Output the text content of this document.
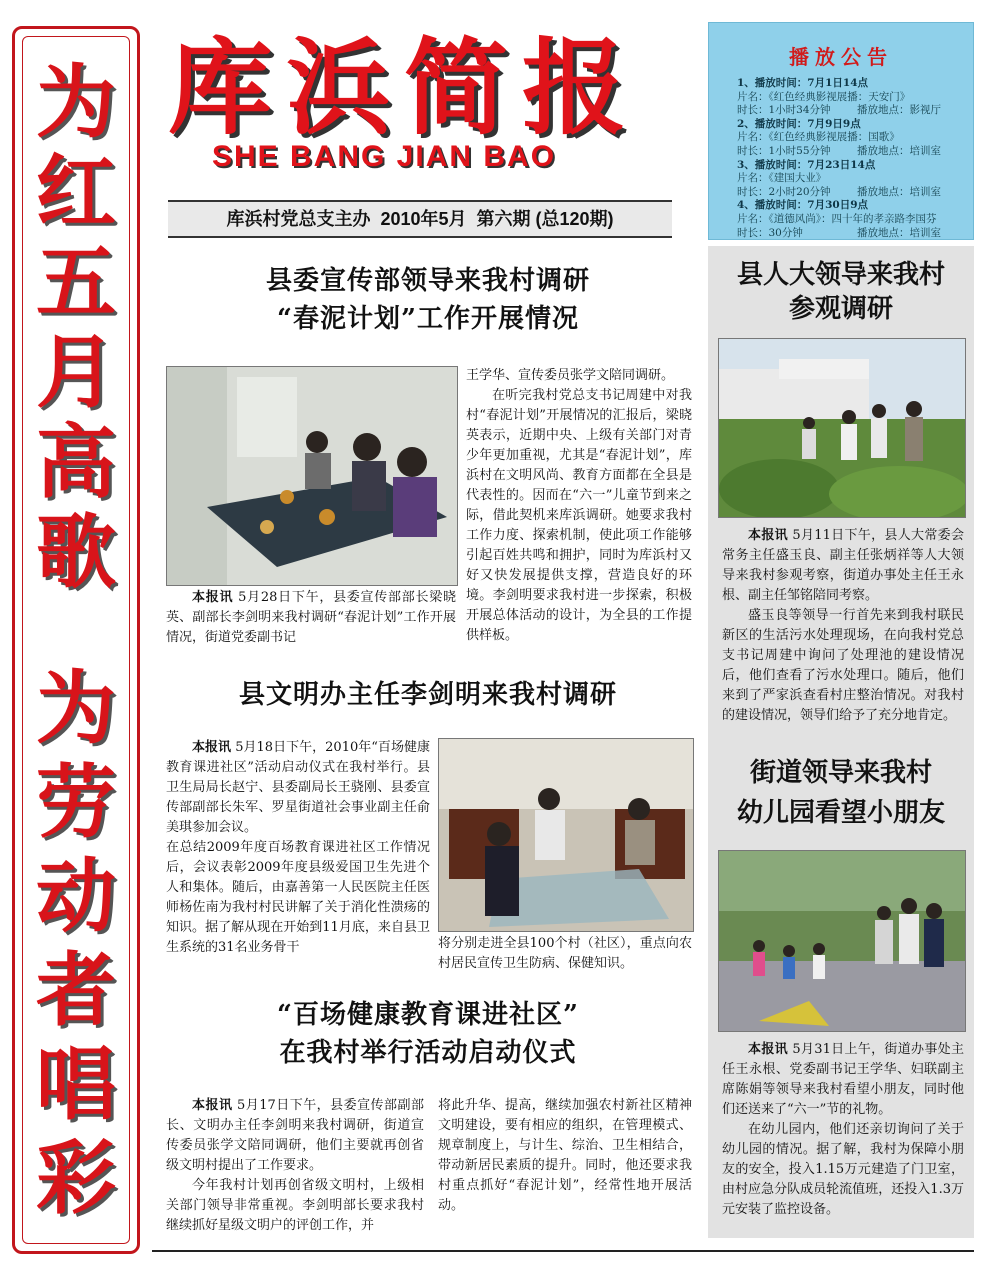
为
红
五
月
高
歌
为
劳
动
者
唱
彩
库浜简报
SHE BANG JIAN BAO
库浜村党总支主办  2010年5月  第六期 (总120期)
播放公告
1、播放时间：7月1日14点
片名：《红色经典影视展播：天安门》
时长：1小时34分钟	播放地点：影视厅
2、播放时间：7月9日9点
片名：《红色经典影视展播：国歌》
时长：1小时55分钟	播放地点：培训室
3、播放时间：7月23日14点
片名：《建国大业》
时长：2小时20分钟	播放地点：培训室
4、播放时间：7月30日9点
片名：《道德风尚》：四十年的孝亲路李国芬
时长：30分钟	播放地点：培训室
县委宣传部领导来我村调研
“春泥计划”工作开展情况

本报讯 5月28日下午，县委宣传部部长梁晓英、副部长李剑明来我村调研“春泥计划”工作开展情况，街道党委副书记

王学华、宣传委员张学文陪同调研。

在听完我村党总支书记周建中对我村“春泥计划”开展情况的汇报后，梁晓英表示，近期中央、上级有关部门对青少年更加重视，尤其是“春泥计划”，库浜村在文明风尚、教育方面都在全县是代表性的。因而在“六一”儿童节到来之际，借此契机来库浜调研。她要求我村工作力度、探索机制，使此项工作能够引起百姓共鸣和拥护，同时为库浜村又好又快发展提供支撑，营造良好的环境。李剑明要求我村进一步探索，积极开展总体活动的设计，为全县的工作提供样板。

县文明办主任李剑明来我村调研

本报讯 5月18日下午，2010年“百场健康教育课进社区”活动启动仪式在我村举行。县卫生局局长赵宁、县委副局长王骁刚、县委宣传部副部长朱军、罗星街道社会事业副主任俞美琪参加会议。

在总结2009年度百场教育课进社区工作情况后，会议表彰2009年度县级爱国卫生先进个人和集体。随后，由嘉善第一人民医院主任医师杨佐南为我村村民讲解了关于消化性溃疡的知识。据了解从现在开始到11月底，来自县卫生系统的31名业务骨干	将分别走进全县100个村（社区），重点向农村居民宣传卫生防病、保健知识。

“百场健康教育课进社区”
在我村举行活动启动仪式

本报讯 5月17日下午，县委宣传部副部长、文明办主任李剑明来我村调研，街道宣传委员张学文陪同调研，他们主要就再创省级文明村提出了工作要求。

今年我村计划再创省级文明村，上级相关部门领导非常重视。李剑明部长要求我村继续抓好星级文明户的评创工作，并

将此升华、提高，继续加强农村新社区精神文明建设，要有相应的组织，在管理模式、规章制度上，与计生、综治、卫生相结合，带动新居民素质的提升。同时，他还要求我村重点抓好“春泥计划”，经常性地开展活动。

县人大领导来我村
参观调研

本报讯 5月11日下午，县人大常委会常务主任盛玉良、副主任张炳祥等人大领导来我村参观考察，街道办事处主任王永根、副主任邹铭陪同考察。

盛玉良等领导一行首先来到我村联民新区的生活污水处理现场，在向我村党总支书记周建中询问了处理池的建设情况后，他们查看了污水处理口。随后，他们来到了严家浜查看村庄整治情况。对我村的建设情况，领导们给予了充分地肯定。

街道领导来我村
幼儿园看望小朋友

本报讯 5月31日上午，街道办事处主任王永根、党委副书记王学华、妇联副主席陈娟等领导来我村看望小朋友，同时他们还送来了“六一”节的礼物。

在幼儿园内，他们还亲切询问了关于幼儿园的情况。据了解，我村为保障小朋友的安全，投入1.15万元建造了门卫室，由村应急分队成员轮流值班，还投入1.3万元安装了监控设备。
